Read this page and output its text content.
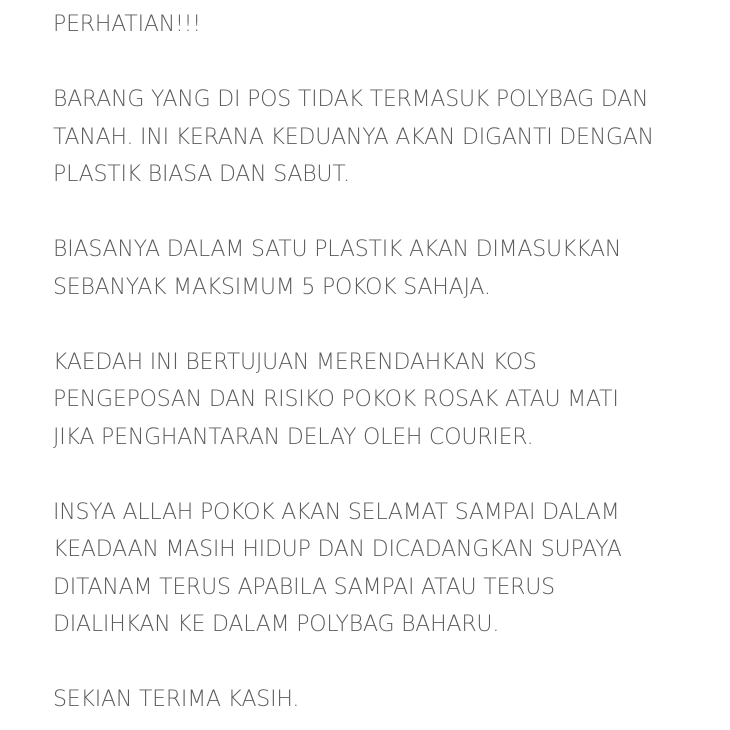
PERHATIAN!!!

BARANG YANG DI POS TIDAK TERMASUK POLYBAG DAN
TANAH. INI KERANA KEDUANYA AKAN DIGANTI DENGAN
PLASTIK BIASA DAN SABUT.

BIASANYA DALAM SATU PLASTIK AKAN DIMASUKKAN
SEBANYAK MAKSIMUM 5 POKOK SAHAJA.

KAEDAH INI BERTUJUAN MERENDAHKAN KOS
PENGEPOSAN DAN RISIKO POKOK ROSAK ATAU MATI
JIKA PENGHANTARAN DELAY OLEH COURIER.

INSYA ALLAH POKOK AKAN SELAMAT SAMPAI DALAM
KEADAAN MASIH HIDUP DAN DICADANGKAN SUPAYA
DITANAM TERUS APABILA SAMPAI ATAU TERUS
DIALIHKAN KE DALAM POLYBAG BAHARU.

SEKIAN TERIMA KASIH.
